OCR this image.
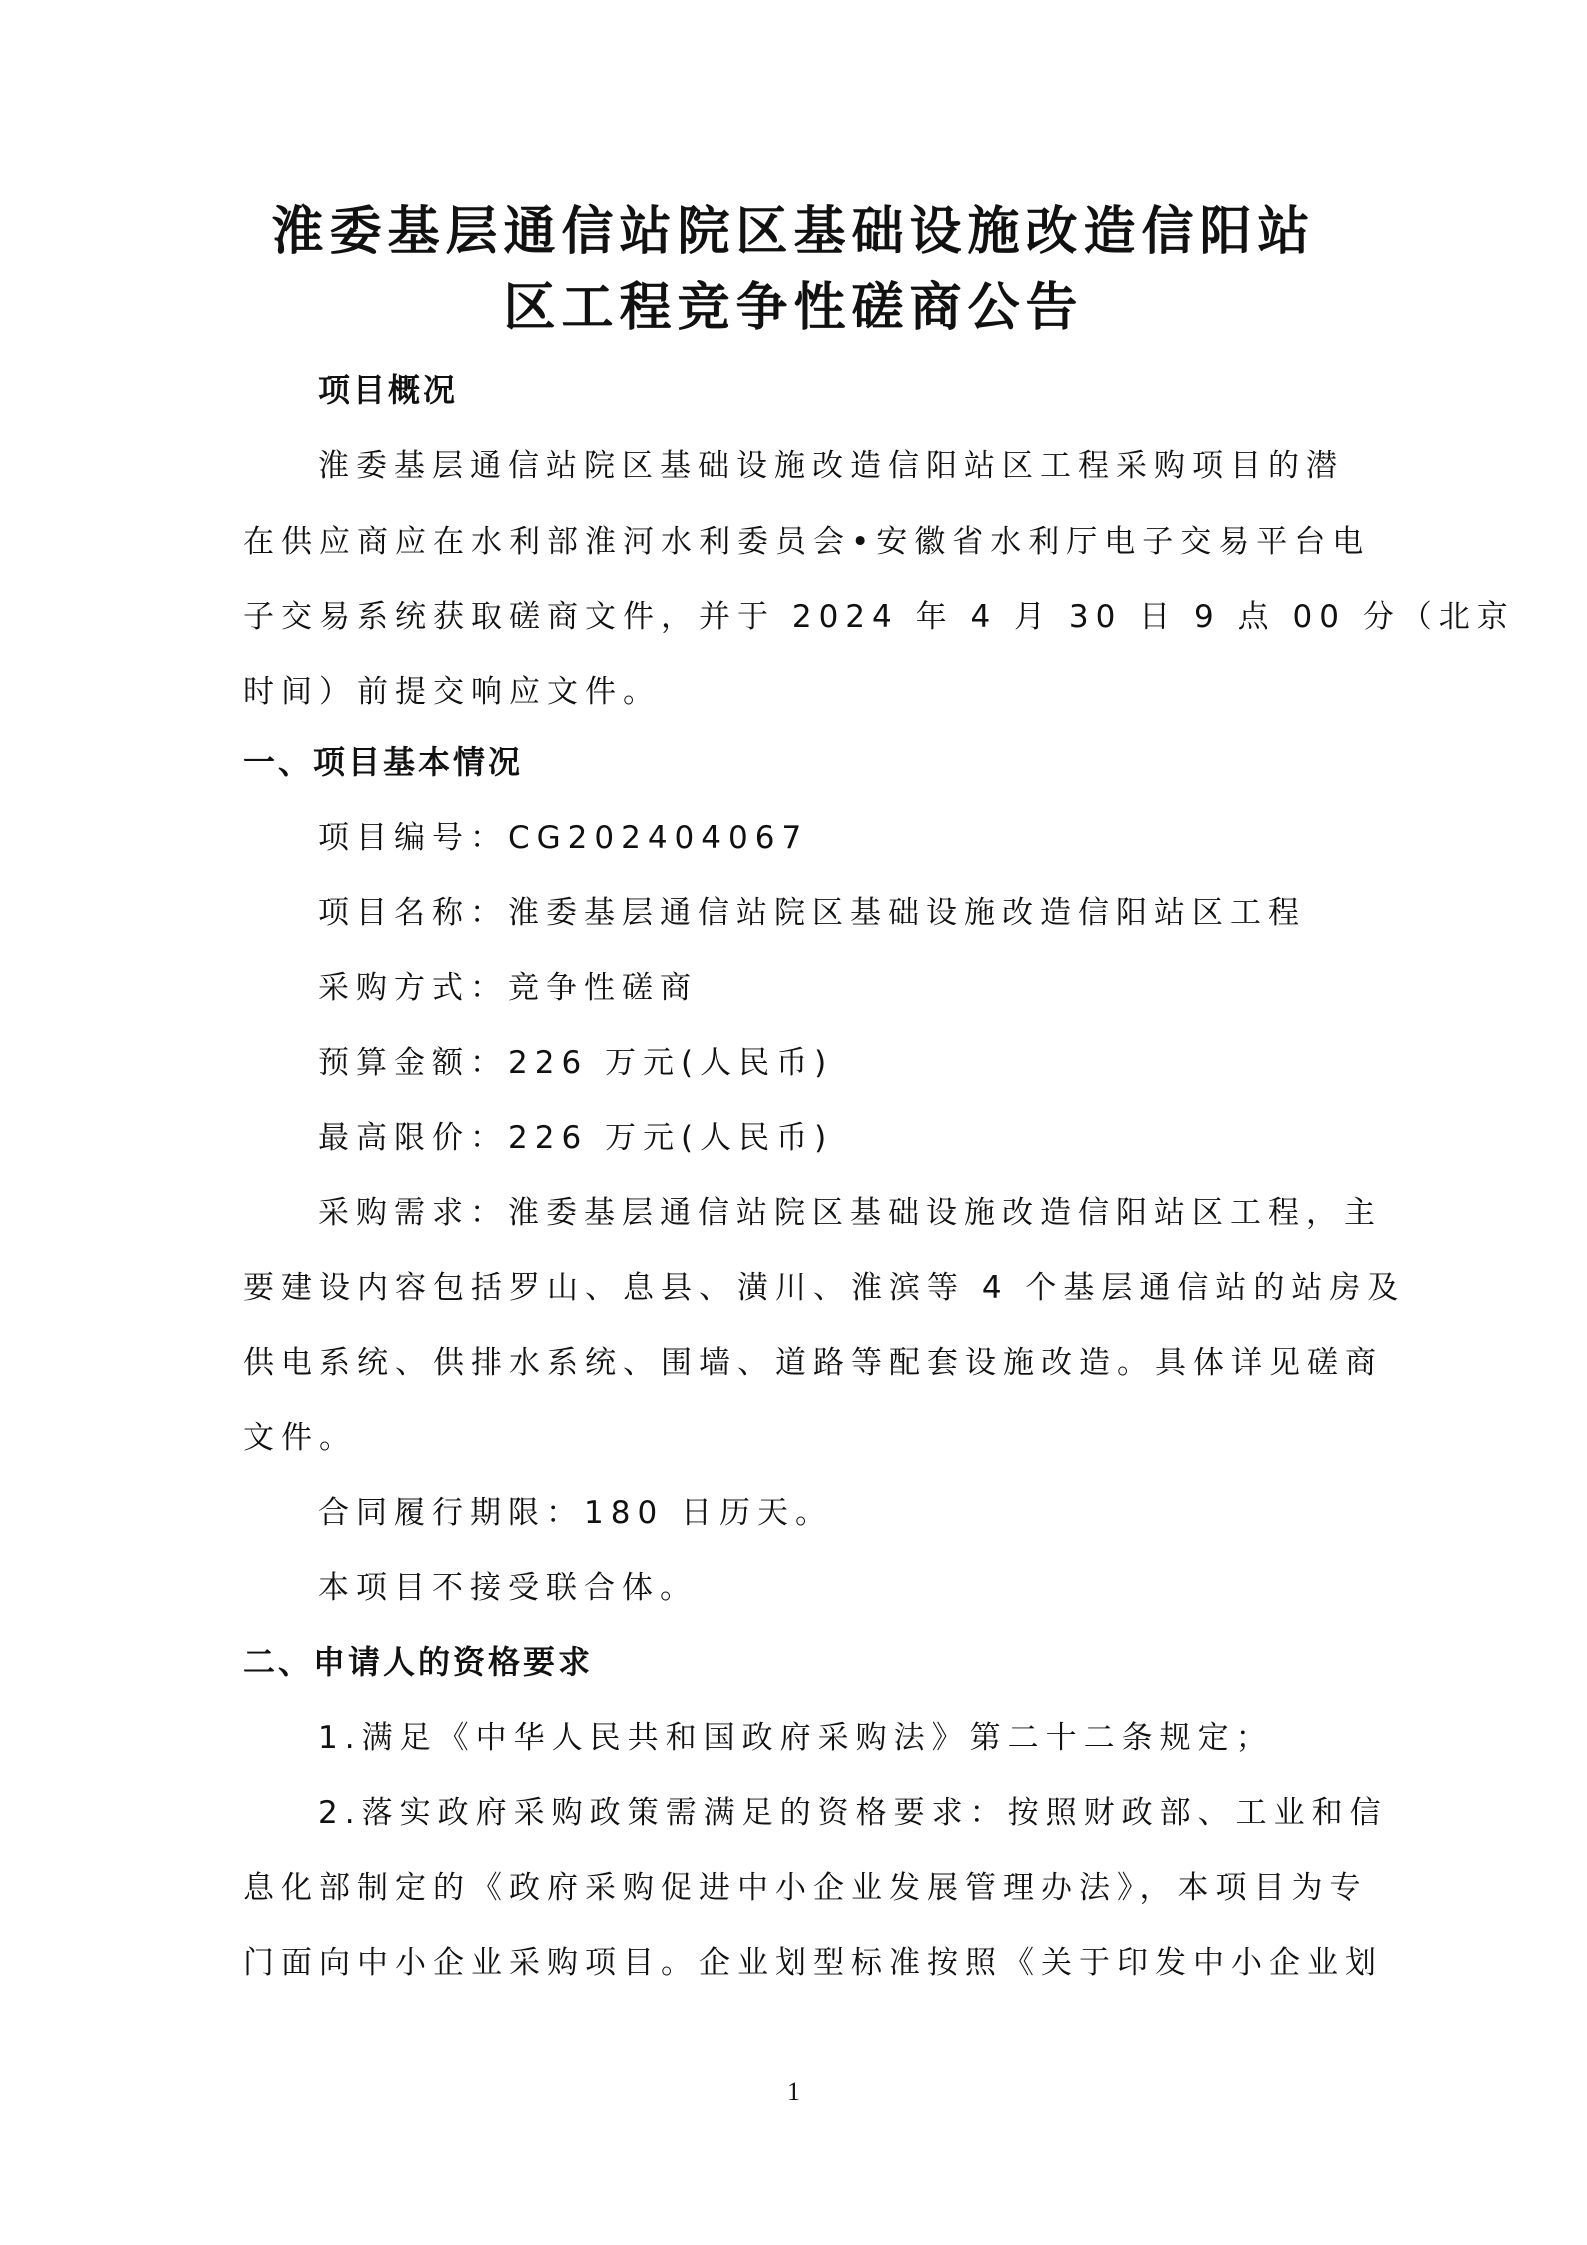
淮委基层通信站院区基础设施改造信阳站
区工程竞争性磋商公告
项目概况
淮委基层通信站院区基础设施改造信阳站区工程采购项目的潜
在供应商应在水利部淮河水利委员会•安徽省水利厅电子交易平台电
子交易系统获取磋商文件，并于 2024 年 4 月 30 日 9 点 00 分（北京
时间）前提交响应文件。
一、项目基本情况
项目编号：CG202404067
项目名称：淮委基层通信站院区基础设施改造信阳站区工程
采购方式：竞争性磋商
预算金额：226 万元(人民币)
最高限价：226 万元(人民币)
采购需求：淮委基层通信站院区基础设施改造信阳站区工程，主
要建设内容包括罗山、息县、潢川、淮滨等 4 个基层通信站的站房及
供电系统、供排水系统、围墙、道路等配套设施改造。具体详见磋商
文件。
合同履行期限：180 日历天。
本项目不接受联合体。
二、申请人的资格要求
1.满足《中华人民共和国政府采购法》第二十二条规定；
2.落实政府采购政策需满足的资格要求：按照财政部、工业和信
息化部制定的《政府采购促进中小企业发展管理办法》，本项目为专
门面向中小企业采购项目。企业划型标准按照《关于印发中小企业划
1
